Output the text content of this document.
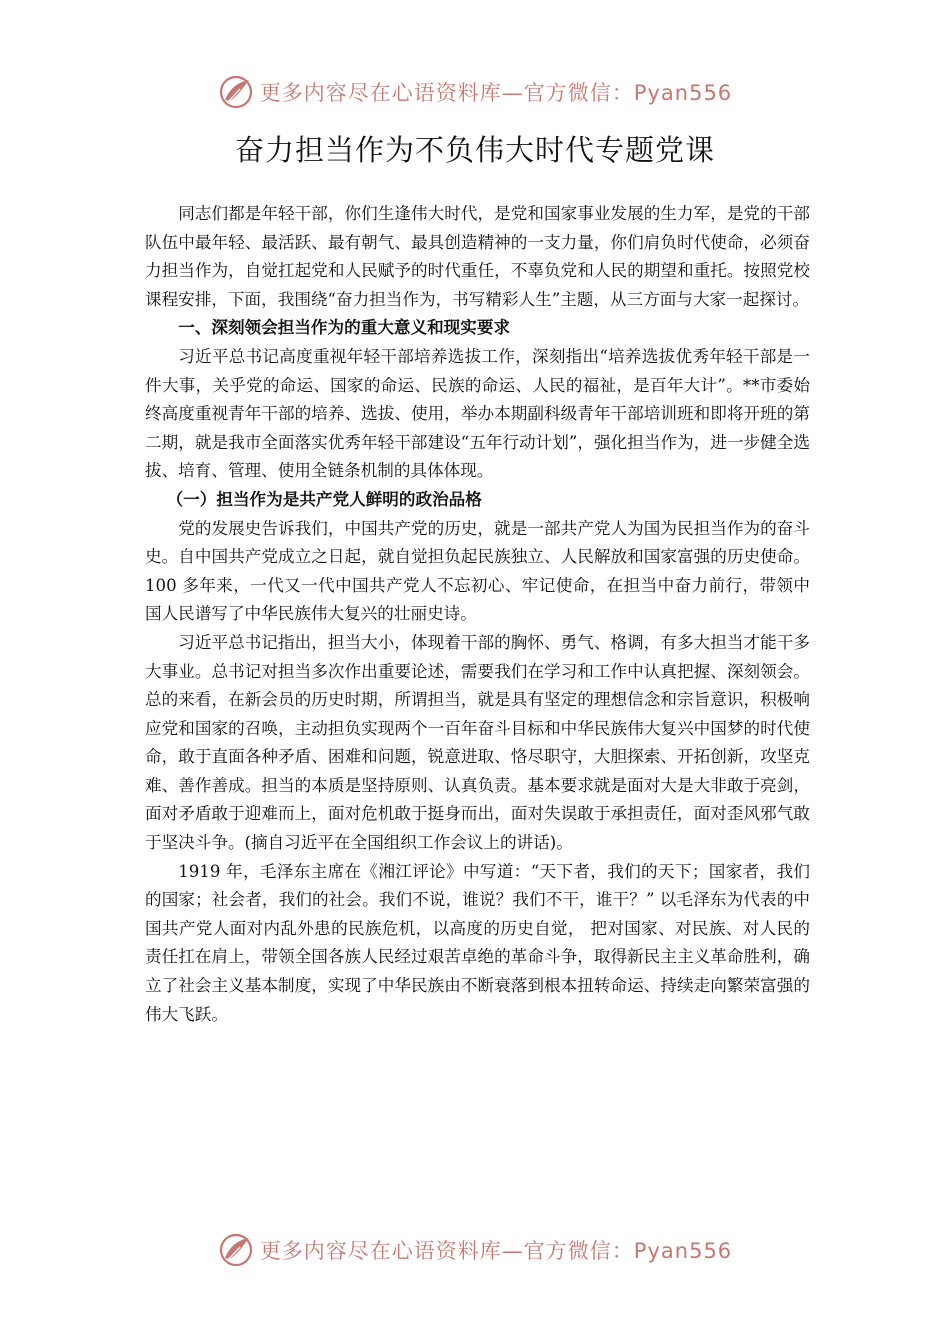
更多内容尽在心语资料库—官方微信：Pyan556
奋力担当作为不负伟大时代专题党课

同志们都是年轻干部，你们生逢伟大时代，是党和国家事业发展的生力军，是党的干部队伍中最年轻、最活跃、最有朝气、最具创造精神的一支力量，你们肩负时代使命，必须奋力担当作为，自觉扛起党和人民赋予的时代重任，不辜负党和人民的期望和重托。按照党校课程安排，下面，我围绕“奋力担当作为，书写精彩人生”主题，从三方面与大家一起探讨。

一、深刻领会担当作为的重大意义和现实要求

习近平总书记高度重视年轻干部培养选拔工作，深刻指出“培养选拔优秀年轻干部是一件大事，关乎党的命运、国家的命运、民族的命运、人民的福祉，是百年大计”。**市委始终高度重视青年干部的培养、选拔、使用，举办本期副科级青年干部培训班和即将开班的第二期，就是我市全面落实优秀年轻干部建设“五年行动计划”，强化担当作为，进一步健全选拔、培育、管理、使用全链条机制的具体体现。

（一）担当作为是共产党人鲜明的政治品格

党的发展史告诉我们，中国共产党的历史，就是一部共产党人为国为民担当作为的奋斗史。自中国共产党成立之日起，就自觉担负起民族独立、人民解放和国家富强的历史使命。100 多年来，一代又一代中国共产党人不忘初心、牢记使命，在担当中奋力前行，带领中国人民谱写了中华民族伟大复兴的壮丽史诗。

习近平总书记指出，担当大小，体现着干部的胸怀、勇气、格调，有多大担当才能干多大事业。总书记对担当多次作出重要论述，需要我们在学习和工作中认真把握、深刻领会。总的来看，在新会员的历史时期，所谓担当，就是具有坚定的理想信念和宗旨意识，积极响应党和国家的召唤，主动担负实现两个一百年奋斗目标和中华民族伟大复兴中国梦的时代使命，敢于直面各种矛盾、困难和问题，锐意进取、恪尽职守，大胆探索、开拓创新，攻坚克难、善作善成。担当的本质是坚持原则、认真负责。基本要求就是面对大是大非敢于亮剑，面对矛盾敢于迎难而上，面对危机敢于挺身而出，面对失误敢于承担责任，面对歪风邪气敢于坚决斗争。(摘自习近平在全国组织工作会议上的讲话)。

1919 年，毛泽东主席在《湘江评论》中写道：“天下者，我们的天下；国家者，我们的国家；社会者，我们的社会。我们不说，谁说？我们不干，谁干？” 以毛泽东为代表的中国共产党人面对内乱外患的民族危机，以高度的历史自觉， 把对国家、对民族、对人民的责任扛在肩上，带领全国各族人民经过艰苦卓绝的革命斗争，取得新民主主义革命胜利，确立了社会主义基本制度，实现了中华民族由不断衰落到根本扭转命运、持续走向繁荣富强的伟大飞跃。

更多内容尽在心语资料库—官方微信：Pyan556
